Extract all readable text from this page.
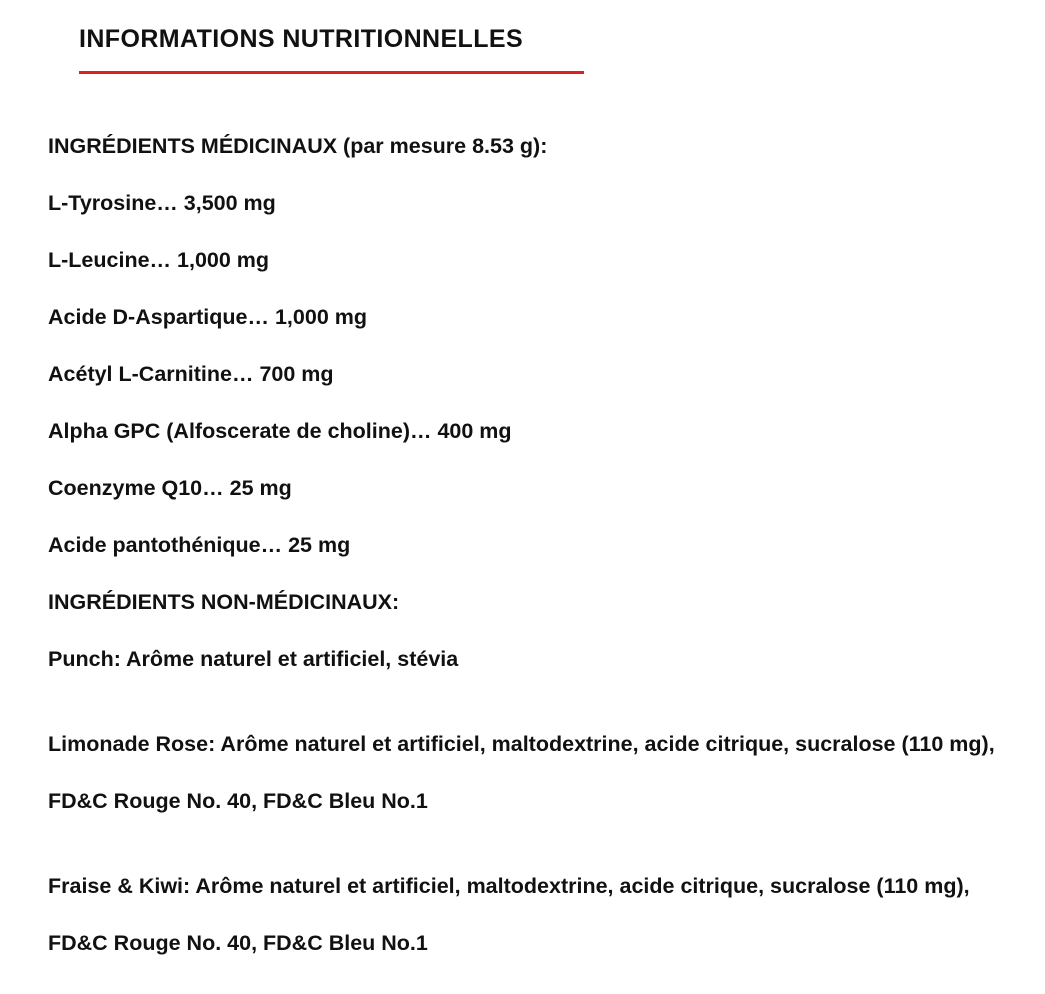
INFORMATIONS NUTRITIONNELLES
INGRÉDIENTS MÉDICINAUX (par mesure 8.53 g):
L-Tyrosine… 3,500 mg
L-Leucine… 1,000 mg
Acide D-Aspartique… 1,000 mg
Acétyl L-Carnitine… 700 mg
Alpha GPC (Alfoscerate de choline)… 400 mg
Coenzyme Q10… 25 mg
Acide pantothénique… 25 mg
INGRÉDIENTS NON-MÉDICINAUX:
Punch: Arôme naturel et artificiel, stévia
Limonade Rose: Arôme naturel et artificiel, maltodextrine, acide citrique, sucralose (110 mg), FD&C Rouge No. 40, FD&C Bleu No.1
Fraise & Kiwi: Arôme naturel et artificiel, maltodextrine, acide citrique, sucralose (110 mg), FD&C Rouge No. 40, FD&C Bleu No.1
